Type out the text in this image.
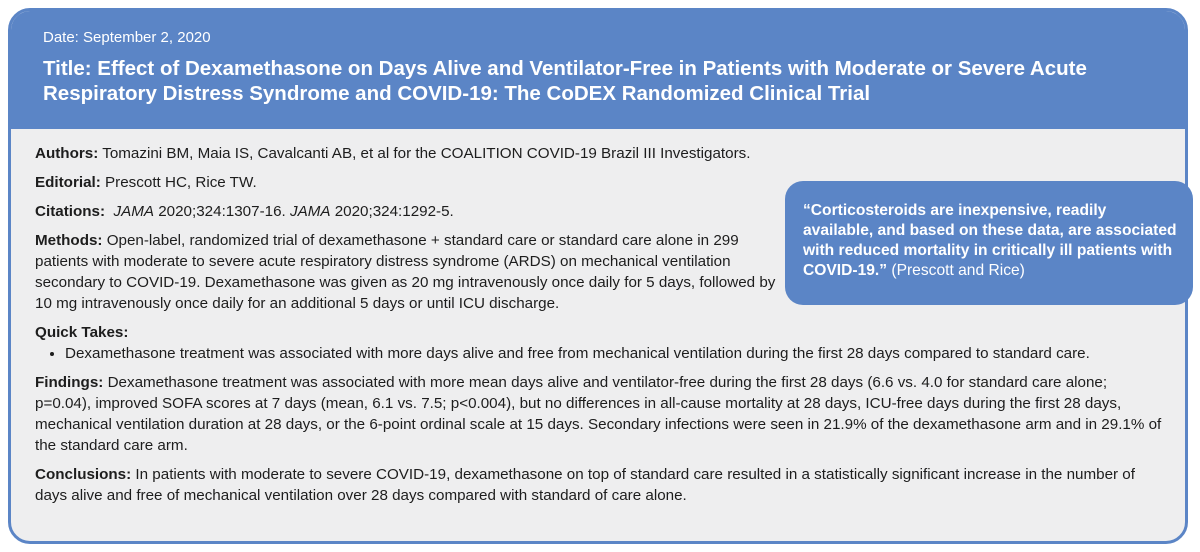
Date: September 2, 2020
Title: Effect of Dexamethasone on Days Alive and Ventilator-Free in Patients with Moderate or Severe Acute Respiratory Distress Syndrome and COVID-19: The CoDEX Randomized Clinical Trial

Authors: Tomazini BM, Maia IS, Cavalcanti AB, et al for the COALITION COVID-19 Brazil III Investigators.

Editorial: Prescott HC, Rice TW.

Citations: JAMA 2020;324:1307-16. JAMA 2020;324:1292-5.

Methods: Open-label, randomized trial of dexamethasone + standard care or standard care alone in 299 patients with moderate to severe acute respiratory distress syndrome (ARDS) on mechanical ventilation secondary to COVID-19. Dexamethasone was given as 20 mg intravenously once daily for 5 days, followed by 10 mg intravenously once daily for an additional 5 days or until ICU discharge.

Quick Takes:
• Dexamethasone treatment was associated with more days alive and free from mechanical ventilation during the first 28 days compared to standard care.

Findings: Dexamethasone treatment was associated with more mean days alive and ventilator-free during the first 28 days (6.6 vs. 4.0 for standard care alone; p=0.04), improved SOFA scores at 7 days (mean, 6.1 vs. 7.5; p<0.004), but no differences in all-cause mortality at 28 days, ICU-free days during the first 28 days, mechanical ventilation duration at 28 days, or the 6-point ordinal scale at 15 days. Secondary infections were seen in 21.9% of the dexamethasone arm and in 29.1% of the standard care arm.

Conclusions: In patients with moderate to severe COVID-19, dexamethasone on top of standard care resulted in a statistically significant increase in the number of days alive and free of mechanical ventilation over 28 days compared with standard of care alone.

“Corticosteroids are inexpensive, readily available, and based on these data, are associated with reduced mortality in critically ill patients with COVID-19.” (Prescott and Rice)
